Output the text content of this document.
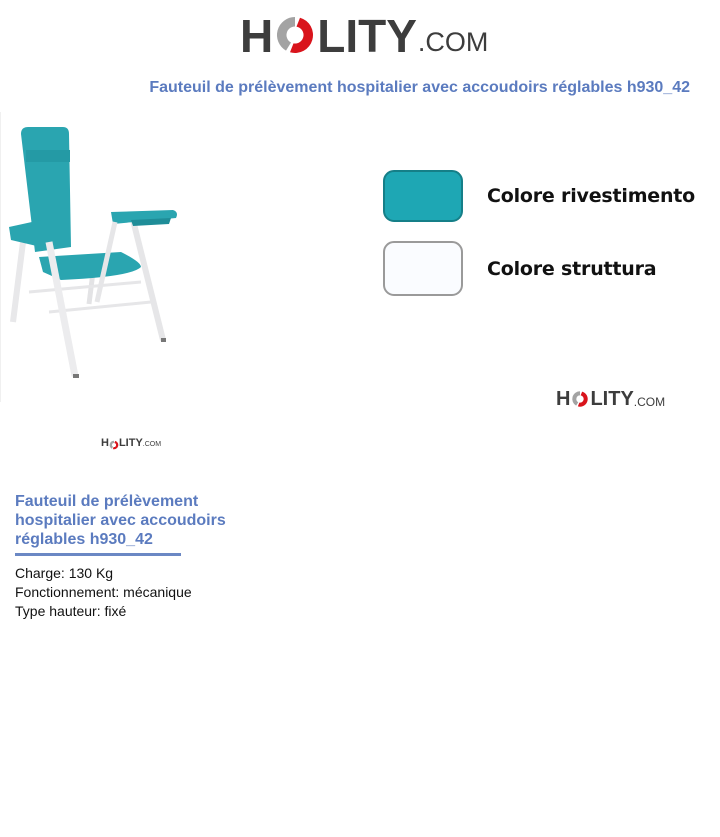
H LITY .COM
Fauteuil de prélèvement hospitalier avec accoudoirs réglables h930_42
Colore rivestimento
Colore struttura
H LITY .COM
H LITY .COM
Fauteuil de prélèvement hospitalier avec accoudoirs réglables h930_42
Charge: 130 Kg
Fonctionnement: mécanique
Type hauteur: fixé
